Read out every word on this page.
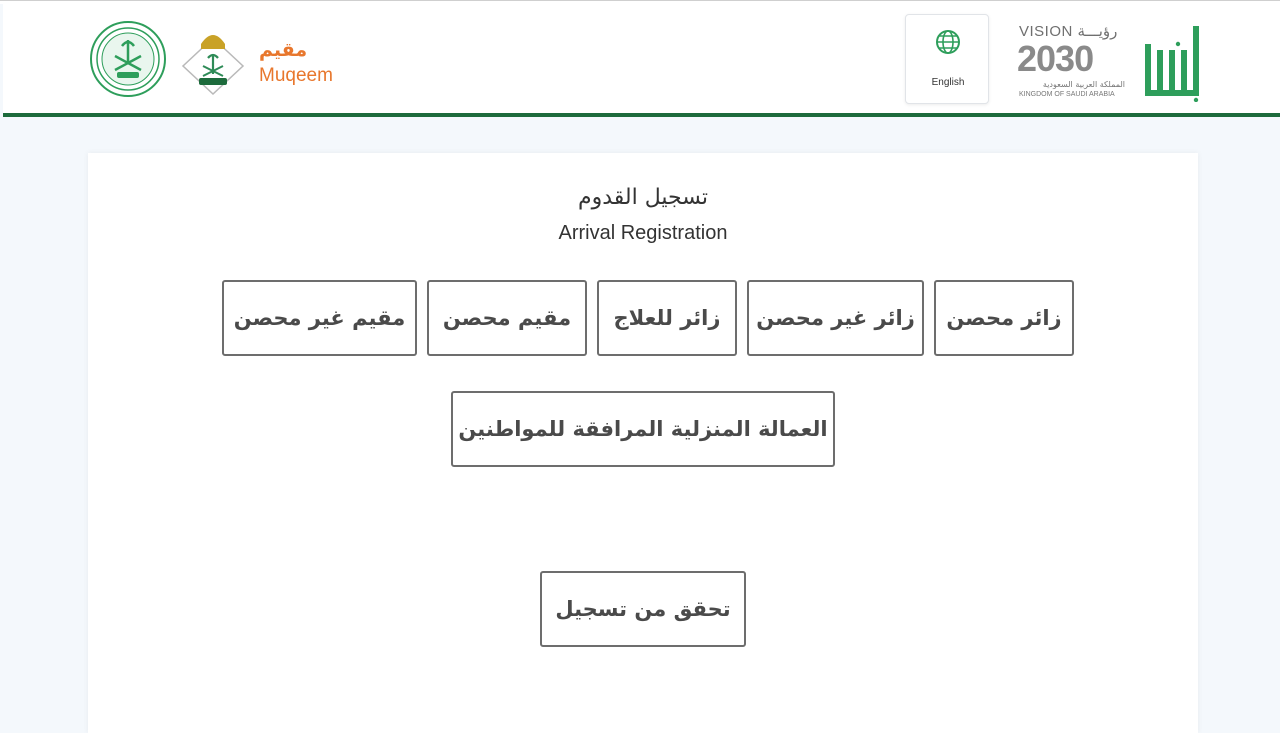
مقيم
Muqeem	English
VISION رؤيـــة
2030
المملكة العربية السعودية
KINGDOM OF SAUDI ARABIA
تسجيل القدوم
Arrival Registration
زائر محصن
زائر غير محصن
زائر للعلاج
مقيم محصن
مقيم غير محصن
العمالة المنزلية المرافقة للمواطنين
تحقق من تسجيل
